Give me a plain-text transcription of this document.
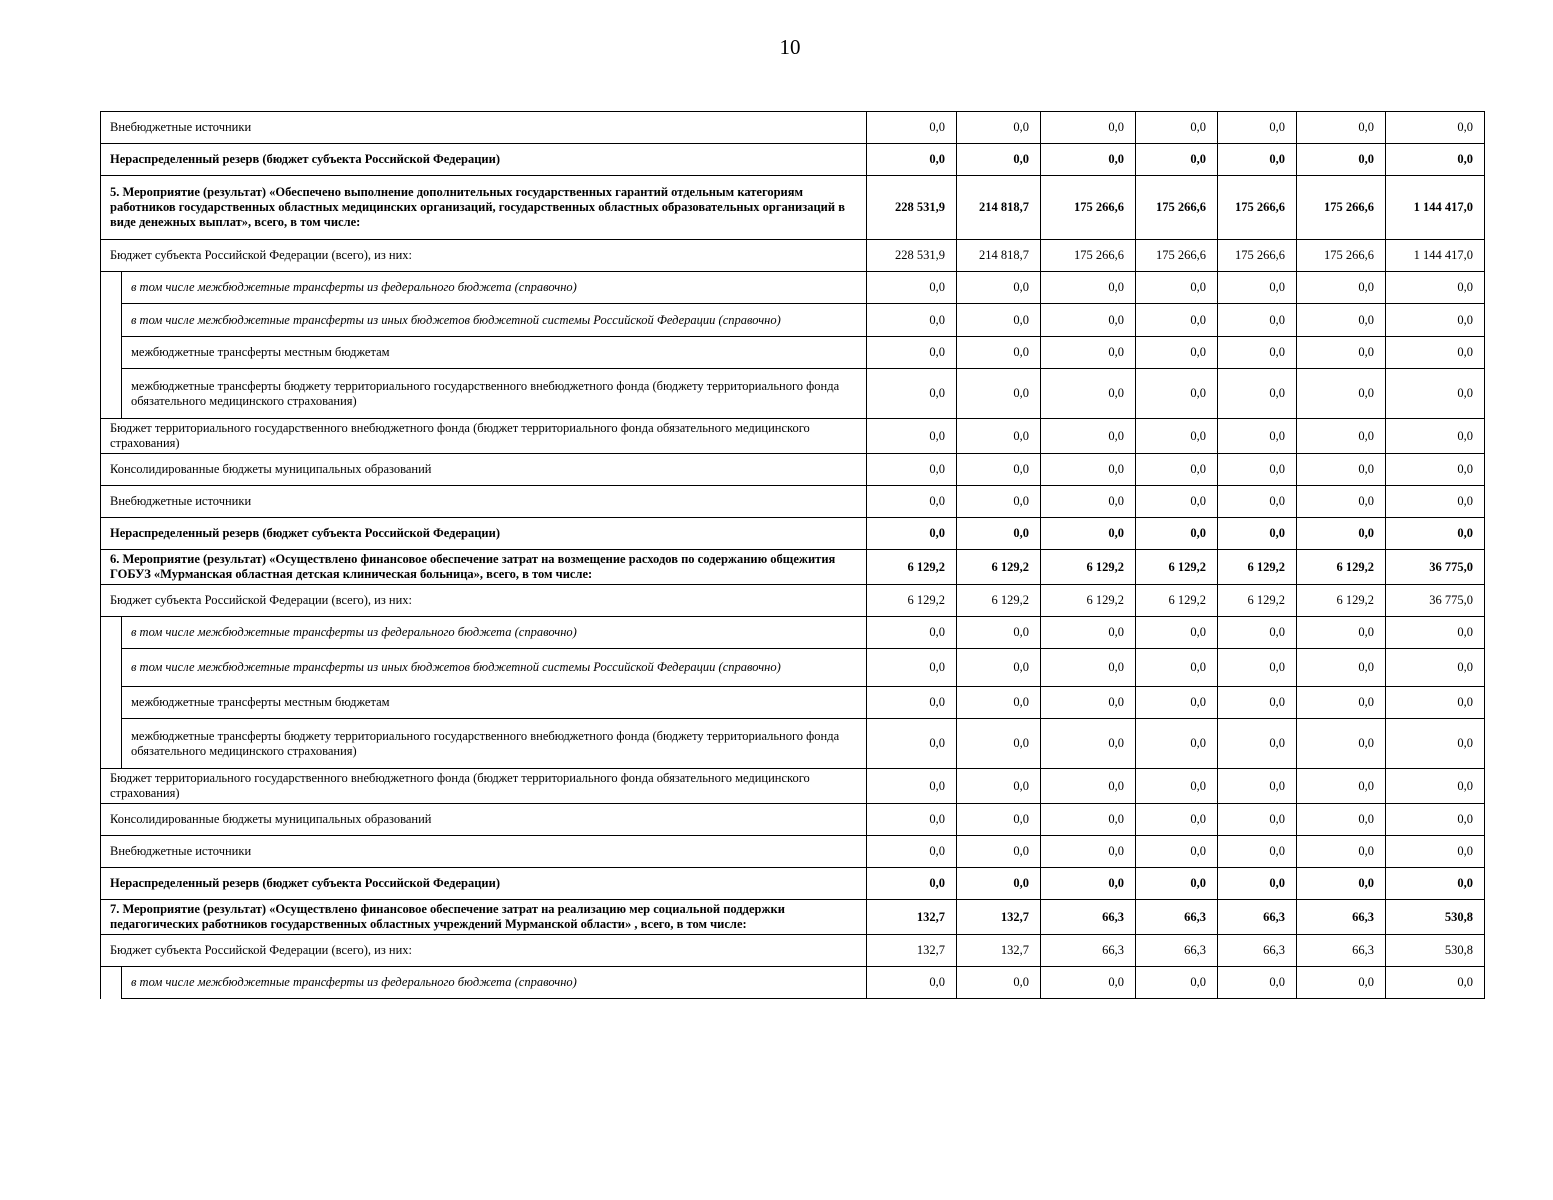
10
Внебюджетные источники		0,0	0,0	0,0	0,0	0,0	0,0	0,0
Нераспределенный резерв (бюджет субъекта Российской Федерации)		0,0	0,0	0,0	0,0	0,0	0,0	0,0
5. Мероприятие (результат) «Обеспечено выполнение дополнительных государственных гарантий отдельным категориям работников государственных областных медицинских организаций, государственных областных образовательных организаций в виде денежных выплат», всего, в том числе:		228 531,9	214 818,7	175 266,6	175 266,6	175 266,6	175 266,6	1 144 417,0
Бюджет субъекта Российской Федерации (всего), из них:		228 531,9	214 818,7	175 266,6	175 266,6	175 266,6	175 266,6	1 144 417,0
	в том числе межбюджетные трансферты из федерального бюджета (справочно)	0,0	0,0	0,0	0,0	0,0	0,0	0,0
	в том числе межбюджетные трансферты из иных бюджетов бюджетной системы Российской Федерации (справочно)	0,0	0,0	0,0	0,0	0,0	0,0	0,0
	межбюджетные трансферты местным бюджетам	0,0	0,0	0,0	0,0	0,0	0,0	0,0
	межбюджетные трансферты бюджету территориального государственного внебюджетного фонда (бюджету территориального фонда обязательного медицинского страхования)	0,0	0,0	0,0	0,0	0,0	0,0	0,0
Бюджет территориального государственного внебюджетного фонда (бюджет территориального фонда обязательного медицинского страхования)		0,0	0,0	0,0	0,0	0,0	0,0	0,0
Консолидированные бюджеты муниципальных образований		0,0	0,0	0,0	0,0	0,0	0,0	0,0
Внебюджетные источники		0,0	0,0	0,0	0,0	0,0	0,0	0,0
Нераспределенный резерв (бюджет субъекта Российской Федерации)		0,0	0,0	0,0	0,0	0,0	0,0	0,0
6. Мероприятие (результат) «Осуществлено финансовое обеспечение затрат на возмещение расходов по содержанию общежития ГОБУЗ «Мурманская областная детская клиническая больница», всего, в том числе:		6 129,2	6 129,2	6 129,2	6 129,2	6 129,2	6 129,2	36 775,0
Бюджет субъекта Российской Федерации (всего), из них:		6 129,2	6 129,2	6 129,2	6 129,2	6 129,2	6 129,2	36 775,0
	в том числе межбюджетные трансферты из федерального бюджета (справочно)	0,0	0,0	0,0	0,0	0,0	0,0	0,0
	в том числе межбюджетные трансферты из иных бюджетов бюджетной системы Российской Федерации (справочно)	0,0	0,0	0,0	0,0	0,0	0,0	0,0
	межбюджетные трансферты местным бюджетам	0,0	0,0	0,0	0,0	0,0	0,0	0,0
	межбюджетные трансферты бюджету территориального государственного внебюджетного фонда (бюджету территориального фонда обязательного медицинского страхования)	0,0	0,0	0,0	0,0	0,0	0,0	0,0
Бюджет территориального государственного внебюджетного фонда (бюджет территориального фонда обязательного медицинского страхования)		0,0	0,0	0,0	0,0	0,0	0,0	0,0
Консолидированные бюджеты муниципальных образований		0,0	0,0	0,0	0,0	0,0	0,0	0,0
Внебюджетные источники		0,0	0,0	0,0	0,0	0,0	0,0	0,0
Нераспределенный резерв (бюджет субъекта Российской Федерации)		0,0	0,0	0,0	0,0	0,0	0,0	0,0
7. Мероприятие (результат) «Осуществлено финансовое обеспечение затрат на реализацию мер социальной поддержки педагогических работников государственных областных учреждений Мурманской области» , всего, в том числе:		132,7	132,7	66,3	66,3	66,3	66,3	530,8
Бюджет субъекта Российской Федерации (всего), из них:		132,7	132,7	66,3	66,3	66,3	66,3	530,8
	в том числе межбюджетные трансферты из федерального бюджета (справочно)	0,0	0,0	0,0	0,0	0,0	0,0	0,0
